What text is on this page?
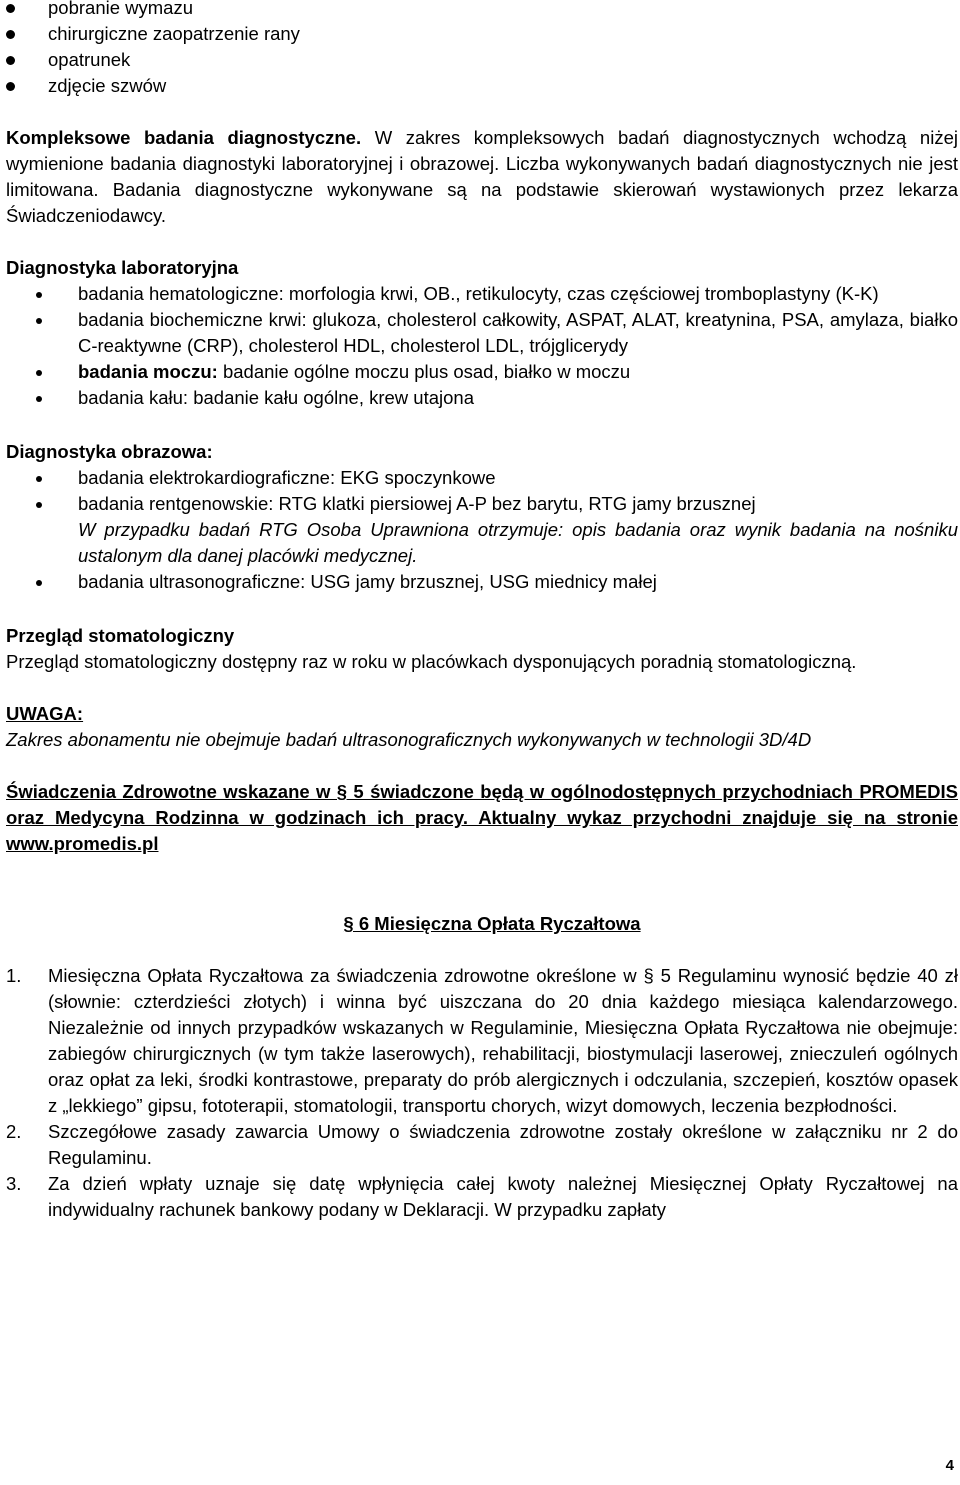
pobranie wymazu
chirurgiczne zaopatrzenie rany
opatrunek
zdjęcie szwów

Kompleksowe badania diagnostyczne. W zakres kompleksowych badań diagnostycznych wchodzą niżej wymienione badania diagnostyki laboratoryjnej i obrazowej. Liczba wykonywanych badań diagnostycznych nie jest limitowana. Badania diagnostyczne wykonywane są na podstawie skierowań wystawionych przez lekarza Świadczeniodawcy.

Diagnostyka laboratoryjna

badania hematologiczne: morfologia krwi, OB., retikulocyty, czas częściowej tromboplastyny (K-K)
badania biochemiczne krwi: glukoza, cholesterol całkowity, ASPAT, ALAT, kreatynina, PSA, amylaza, białko C-reaktywne (CRP), cholesterol HDL, cholesterol LDL, trójglicerydy
badania moczu: badanie ogólne moczu plus osad, białko w moczu
badania kału: badanie kału ogólne, krew utajona

Diagnostyka obrazowa:

badania elektrokardiograficzne: EKG spoczynkowe
badania rentgenowskie: RTG klatki piersiowej A-P bez barytu, RTG jamy brzusznej
W przypadku badań RTG Osoba Uprawniona otrzymuje: opis badania oraz wynik badania na nośniku ustalonym dla danej placówki medycznej.
badania ultrasonograficzne: USG jamy brzusznej, USG miednicy małej

Przegląd stomatologiczny

Przegląd stomatologiczny dostępny raz w roku w placówkach dysponujących poradnią stomatologiczną.

UWAGA:

Zakres abonamentu nie obejmuje badań ultrasonograficznych wykonywanych w technologii 3D/4D

Świadczenia Zdrowotne wskazane w § 5 świadczone będą w ogólnodostępnych przychodniach PROMEDIS oraz Medycyna Rodzinna w godzinach ich pracy. Aktualny wykaz przychodni znajduje się na stronie www.promedis.pl

§ 6 Miesięczna Opłata Ryczałtowa

1. Miesięczna Opłata Ryczałtowa za świadczenia zdrowotne określone w § 5 Regulaminu wynosić będzie 40 zł (słownie: czterdzieści złotych) i winna być uiszczana do 20 dnia każdego miesiąca kalendarzowego. Niezależnie od innych przypadków wskazanych w Regulaminie, Miesięczna Opłata Ryczałtowa nie obejmuje: zabiegów chirurgicznych (w tym także laserowych), rehabilitacji, biostymulacji laserowej, znieczuleń ogólnych oraz opłat za leki, środki kontrastowe, preparaty do prób alergicznych i odczulania, szczepień, kosztów opasek z „lekkiego” gipsu, fototerapii, stomatologii, transportu chorych, wizyt domowych, leczenia bezpłodności.
2. Szczegółowe zasady zawarcia Umowy o świadczenia zdrowotne zostały określone w załączniku nr 2 do Regulaminu.
3. Za dzień wpłaty uznaje się datę wpłynięcia całej kwoty należnej Miesięcznej Opłaty Ryczałtowej na indywidualny rachunek bankowy podany w Deklaracji. W przypadku zapłaty
4
